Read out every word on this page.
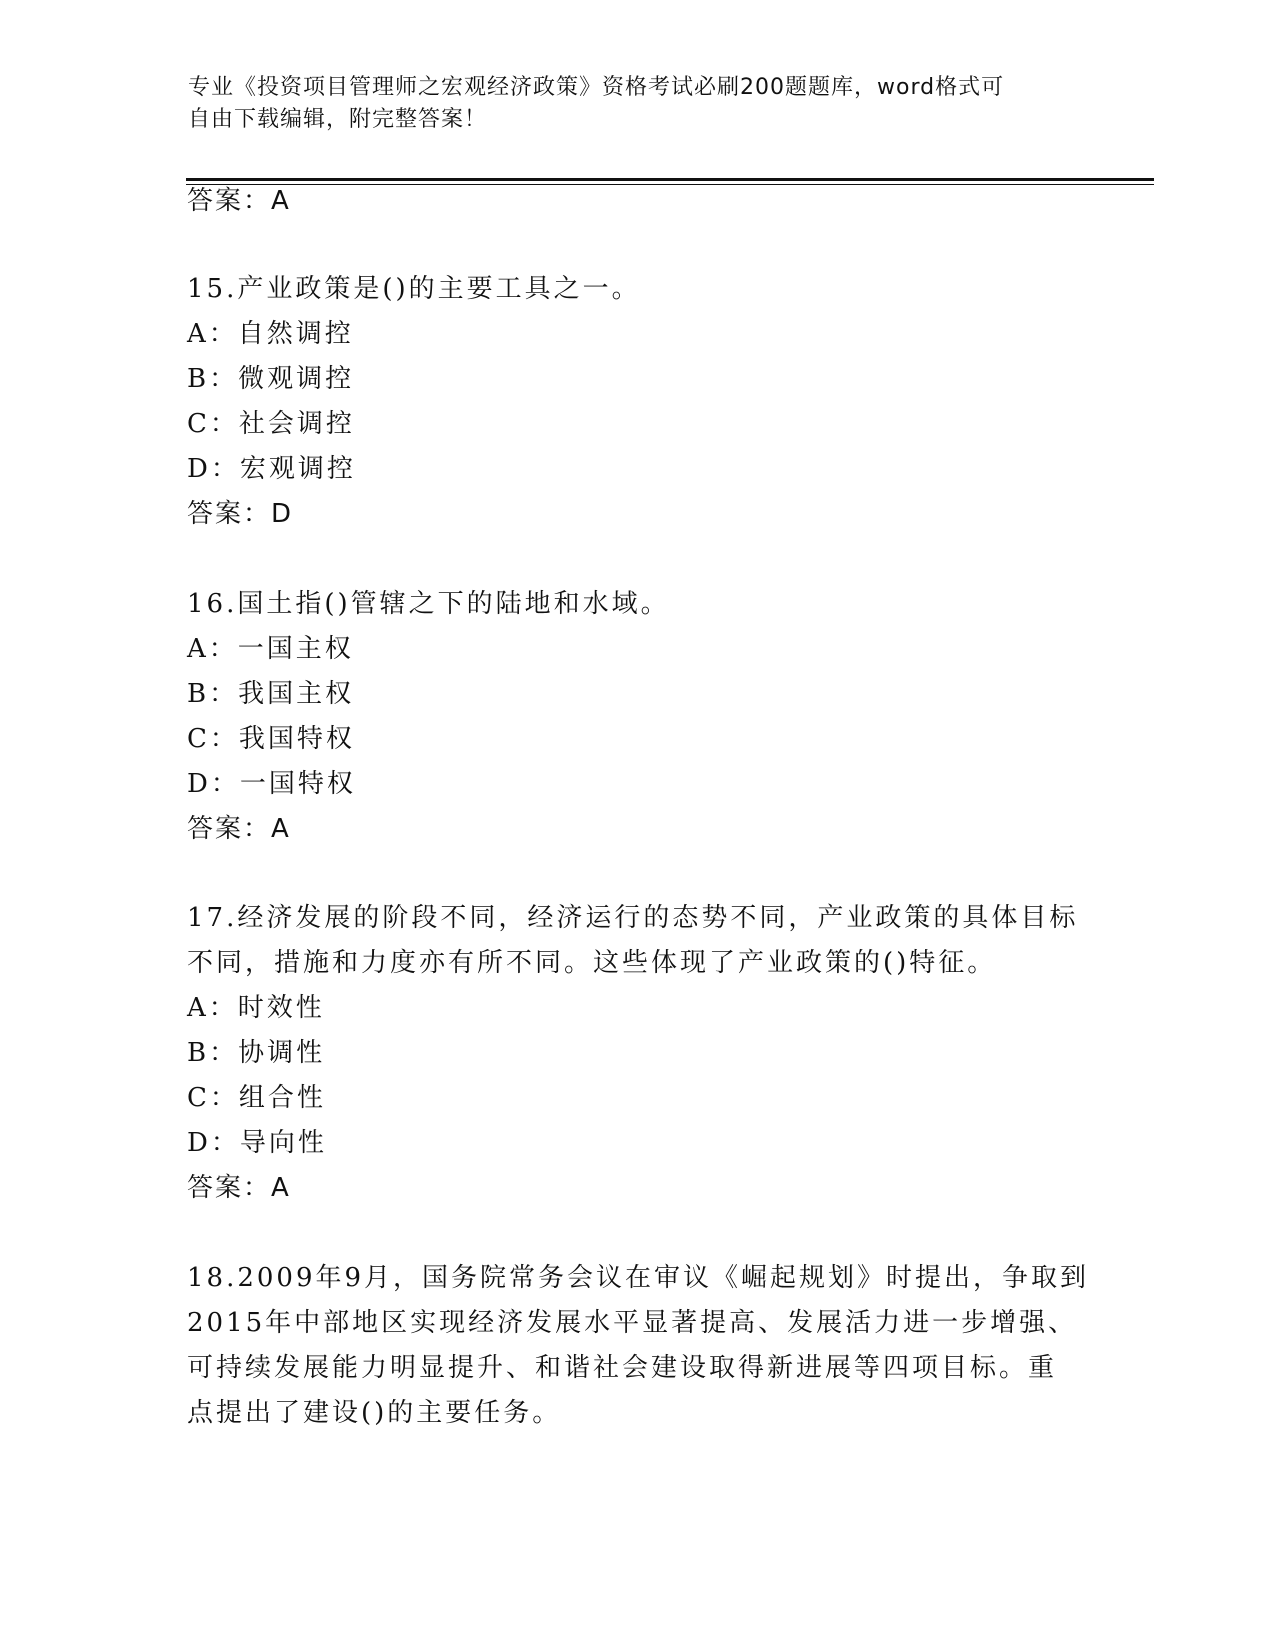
专业《投资项目管理师之宏观经济政策》资格考试必刷200题题库，word格式可
自由下载编辑，附完整答案！
答案：A
15.产业政策是()的主要工具之一。
A：自然调控
B：微观调控
C：社会调控
D：宏观调控
答案：D
16.国土指()管辖之下的陆地和水域。
A：一国主权
B：我国主权
C：我国特权
D：一国特权
答案：A
17.经济发展的阶段不同，经济运行的态势不同，产业政策的具体目标
不同，措施和力度亦有所不同。这些体现了产业政策的()特征。
A：时效性
B：协调性
C：组合性
D：导向性
答案：A
18.2009年9月，国务院常务会议在审议《崛起规划》时提出，争取到
2015年中部地区实现经济发展水平显著提高、发展活力进一步增强、
可持续发展能力明显提升、和谐社会建设取得新进展等四项目标。重
点提出了建设()的主要任务。
